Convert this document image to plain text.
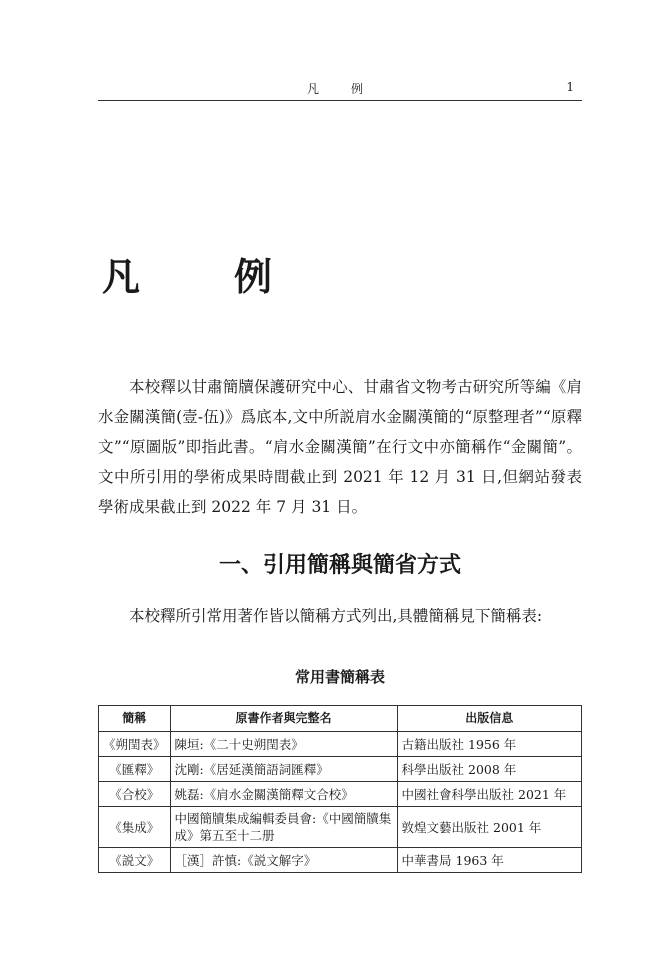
凡　例	1
凡　例

本校釋以甘肅簡牘保護研究中心、甘肅省文物考古研究所等編《肩水金關漢簡(壹-伍)》爲底本,文中所説肩水金關漢簡的“原整理者”“原釋文”“原圖版”即指此書。“肩水金關漢簡”在行文中亦簡稱作“金關簡”。文中所引用的學術成果時間截止到 2021 年 12 月 31 日,但網站發表學術成果截止到 2022 年 7 月 31 日。

一、引用簡稱與簡省方式

本校釋所引常用著作皆以簡稱方式列出,具體簡稱見下簡稱表:

常用書簡稱表
簡稱	原書作者與完整名	出版信息
《朔閏表》	陳垣:《二十史朔閏表》	古籍出版社 1956 年
《匯釋》	沈剛:《居延漢簡語詞匯釋》	科學出版社 2008 年
《合校》	姚磊:《肩水金關漢簡釋文合校》	中國社會科學出版社 2021 年
《集成》	中國簡牘集成編輯委員會:《中國簡牘集成》第五至十二册	敦煌文藝出版社 2001 年
《説文》	［漢］許慎:《説文解字》	中華書局 1963 年
